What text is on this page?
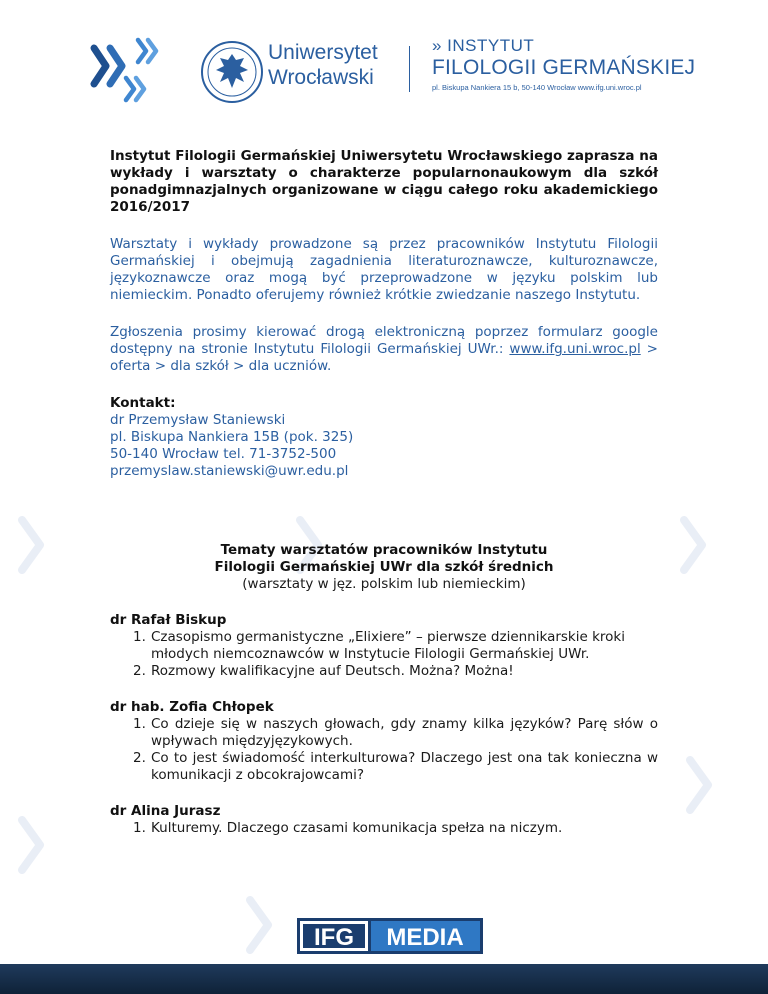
Uniwersytet
Wrocławski
» INSTYTUT
FILOLOGII GERMAŃSKIEJ
pl. Biskupa Nankiera 15 b, 50-140 Wrocław www.ifg.uni.wroc.pl

Instytut Filologii Germańskiej Uniwersytetu Wrocławskiego zaprasza na wykłady i warsztaty o charakterze popularnonaukowym dla szkół ponadgimnazjalnych organizowane w ciągu całego roku akademickiego 2016/2017

Warsztaty i wykłady prowadzone są przez pracowników Instytutu Filologii Germańskiej i obejmują zagadnienia literaturoznawcze, kulturoznawcze, językoznawcze oraz mogą być przeprowadzone w języku polskim lub niemieckim. Ponadto oferujemy również krótkie zwiedzanie naszego Instytutu.

Zgłoszenia prosimy kierować drogą elektroniczną poprzez formularz google dostępny na stronie Instytutu Filologii Germańskiej UWr.: www.ifg.uni.wroc.pl > oferta > dla szkół > dla uczniów.

Kontakt:
dr Przemysław Staniewski
pl. Biskupa Nankiera 15B (pok. 325)
50-140 Wrocław tel. 71-3752-500
przemyslaw.staniewski@uwr.edu.pl
Tematy warsztatów pracowników Instytutu
Filologii Germańskiej UWr dla szkół średnich
(warsztaty w jęz. polskim lub niemieckim)

dr Rafał Biskup

1. Czasopismo germanistyczne „Elixiere” – pierwsze dziennikarskie kroki młodych niemcoznawców w Instytucie Filologii Germańskiej UWr.
2. Rozmowy kwalifikacyjne auf Deutsch. Można? Można!

dr hab. Zofia Chłopek

1. Co dzieje się w naszych głowach, gdy znamy kilka języków? Parę słów o wpływach międzyjęzykowych.
2. Co to jest świadomość interkulturowa? Dlaczego jest ona tak konieczna w komunikacji z obcokrajowcami?

dr Alina Jurasz

1. Kulturemy. Dlaczego czasami komunikacja spełza na niczym.
IFG MEDIA
